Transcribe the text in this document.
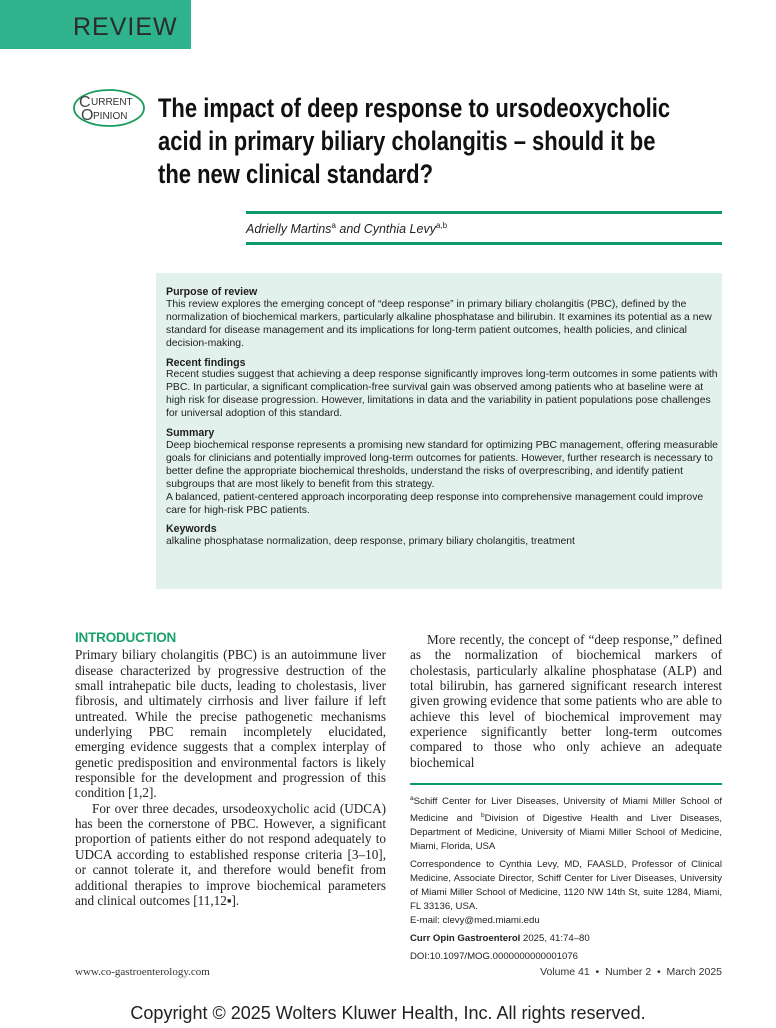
REVIEW
C URRENT
O PINION The impact of deep response to ursodeoxycholic
acid in primary biliary cholangitis – should it be
the new clinical standard?
Adrielly Martins$^a$ and Cynthia Levy$^{a,b}$
Purpose of review

This review explores the emerging concept of “deep response” in primary biliary cholangitis (PBC), defined by the normalization of biochemical markers, particularly alkaline phosphatase and bilirubin. It examines its potential as a new standard for disease management and its implications for long-term patient outcomes, health policies, and clinical decision-making.

Recent findings

Recent studies suggest that achieving a deep response significantly improves long-term outcomes in some patients with PBC. In particular, a significant complication-free survival gain was observed among patients who at baseline were at high risk for disease progression. However, limitations in data and the variability in patient populations pose challenges for universal adoption of this standard.

Summary

Deep biochemical response represents a promising new standard for optimizing PBC management, offering measurable goals for clinicians and potentially improved long-term outcomes for patients. However, further research is necessary to better define the appropriate biochemical thresholds, understand the risks of overprescribing, and identify patient subgroups that are most likely to benefit from this strategy.

A balanced, patient-centered approach incorporating deep response into comprehensive management could improve care for high-risk PBC patients.

Keywords

alkaline phosphatase normalization, deep response, primary biliary cholangitis, treatment

INTRODUCTION

Primary biliary cholangitis (PBC) is an autoimmune liver disease characterized by progressive destruction of the small intrahepatic bile ducts, leading to cholestasis, liver fibrosis, and ultimately cirrhosis and liver failure if left untreated. While the precise pathogenetic mechanisms underlying PBC remain incompletely elucidated, emerging evidence suggests that a complex interplay of genetic predisposition and environmental factors is likely responsible for the development and progression of this condition [1,2].

For over three decades, ursodeoxycholic acid (UDCA) has been the cornerstone of PBC. However, a significant proportion of patients either do not respond adequately to UDCA according to established response criteria [3–10], or cannot tolerate it, and therefore would benefit from additional therapies to improve biochemical parameters and clinical outcomes [11,12▪].

More recently, the concept of “deep response,” defined as the normalization of biochemical markers of cholestasis, particularly alkaline phosphatase (ALP) and total bilirubin, has garnered significant research interest given growing evidence that some patients who are able to achieve this level of biochemical improvement may experience significantly better long-term outcomes compared to those who only achieve an adequate biochemical

$^a$Schiff Center for Liver Diseases, University of Miami Miller School of Medicine and $^b$Division of Digestive Health and Liver Diseases, Department of Medicine, University of Miami Miller School of Medicine, Miami, Florida, USA

Correspondence to Cynthia Levy, MD, FAASLD, Professor of Clinical Medicine, Associate Director, Schiff Center for Liver Diseases, University of Miami Miller School of Medicine, 1120 NW 14th St, suite 1284, Miami, FL 33136, USA.

E-mail: clevy@med.miami.edu

Curr Opin Gastroenterol 2025, 41:74–80

DOI:10.1097/MOG.0000000000001076

www.co-gastroenterology.com	Volume 41 • Number 2 • March 2025
Copyright © 2025 Wolters Kluwer Health, Inc. All rights reserved.
